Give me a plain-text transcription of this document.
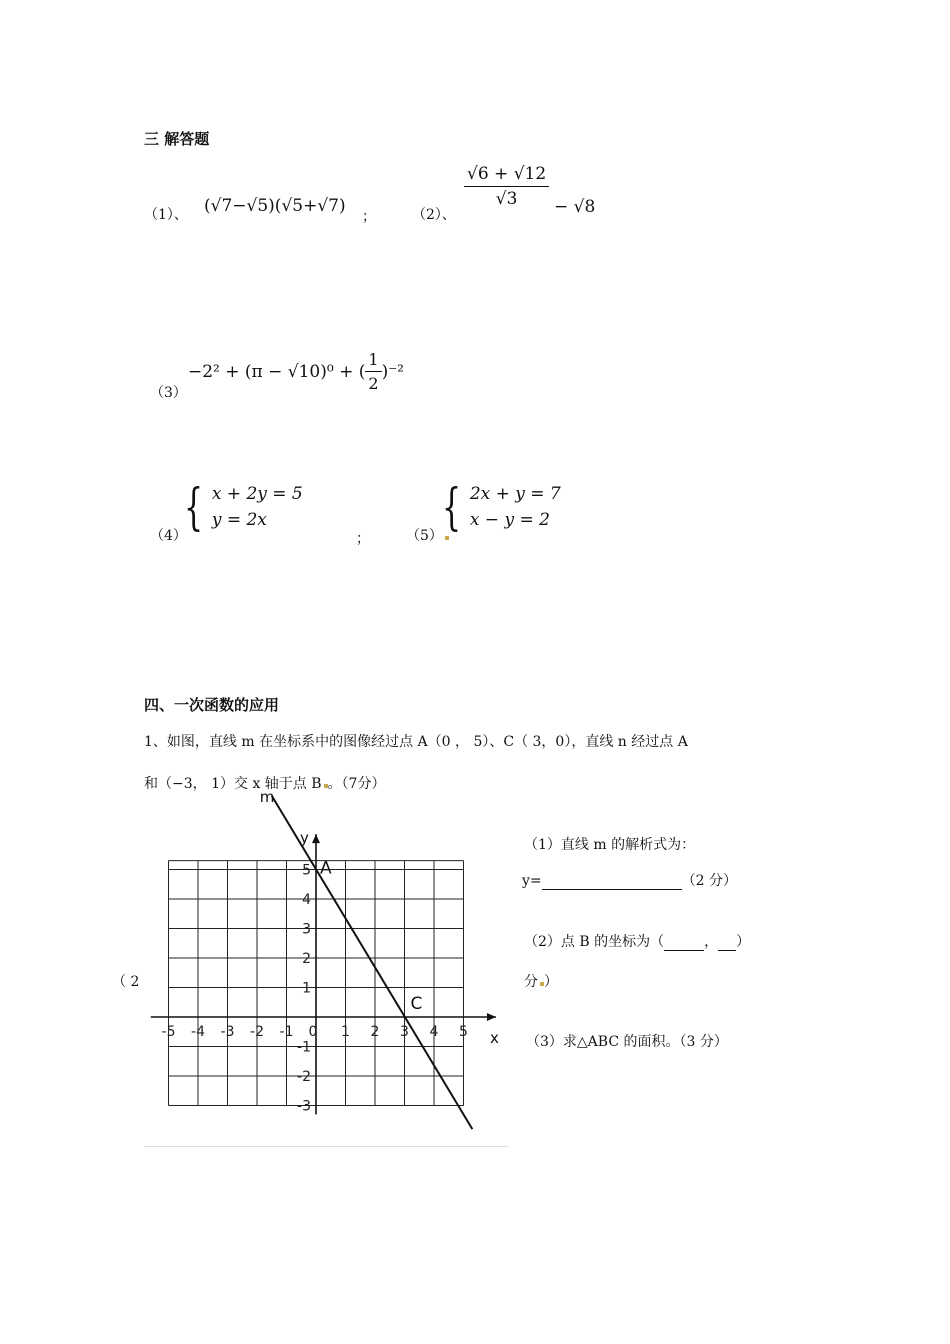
三 解答题
（1）、 (√7−√5)(√5+√7)
；	（2）、
$\frac{√6 + √12}{√3} - √8$
（3）
−2² + (π − √10)⁰ + ( $\frac{1}{2} )^{-2}$
（4）
{ x + 2y = 5
y = 2x
；	（5） { 2x + y = 7
x − y = 2
四、一次函数的应用
1、如图，直线 m 在坐标系中的图像经过点 A（0 ， 5）、C（ 3，0），直线 n 经过点 A
和（−3， 1）交 x 轴于点 B 。（7分）
（ 2
x
y
-5 -4 -3 -2 -1 0 1 2 3 4 5
-3
-2
-1
1
2
3
4
5
m
A
C
（1）直线 m 的解析式为：
y=	（2 分）
（2）点 B 的坐标为（	， ）
分 ）
（3）求△ABC 的面积。（3 分）
